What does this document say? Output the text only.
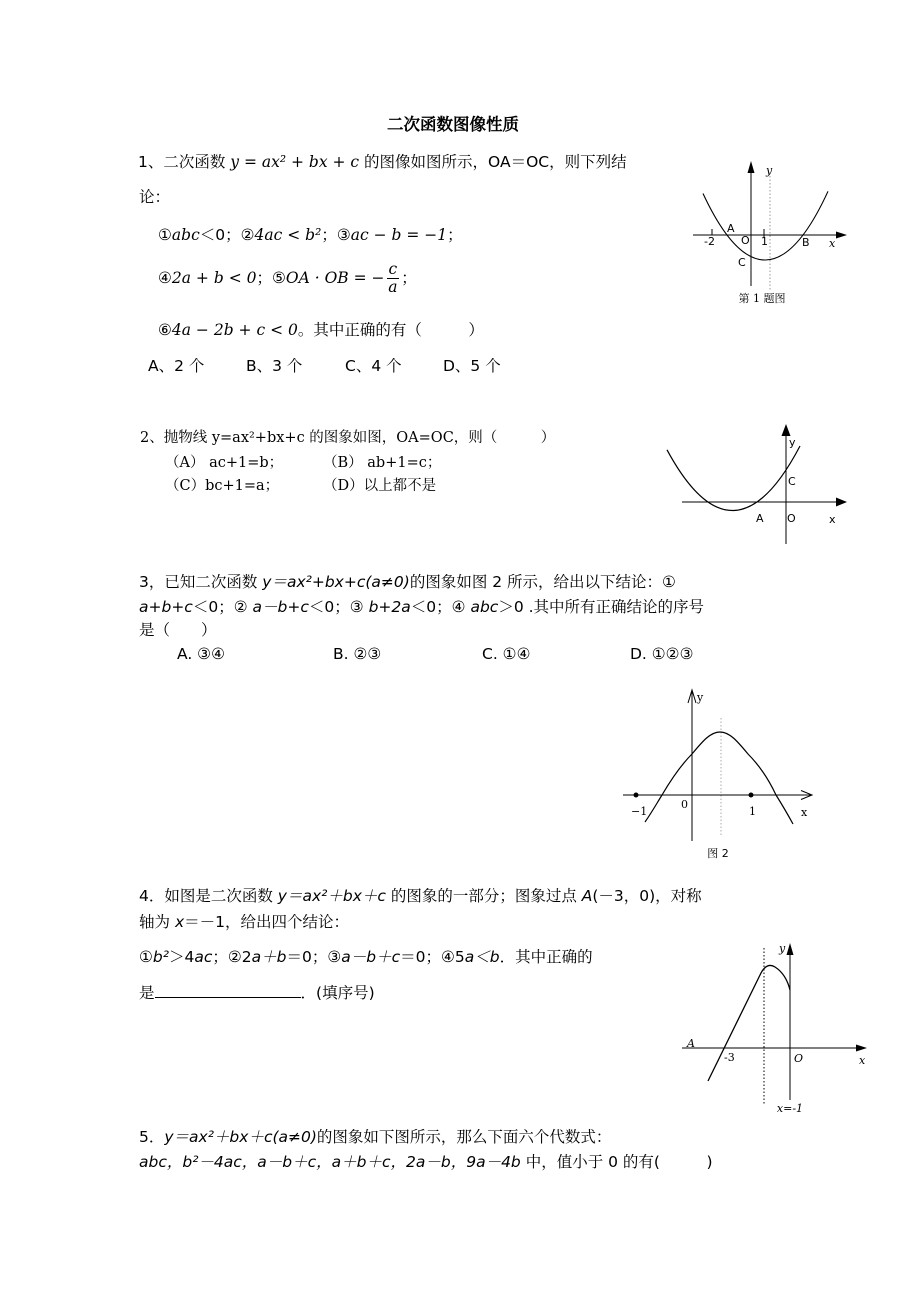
二次函数图像性质
1、二次函数 y = ax² + bx + c 的图像如图所示，OA＝OC，则下列结
论：
①abc＜0；②4ac < b²；③ac − b = −1；
④2a + b < 0；⑤OA · OB = − $\frac{c}{a}$ ；
⑥4a − 2b + c < 0。其中正确的有（　　　）
A、2 个	B、3 个	C、4 个	D、5 个
y
A
O
-2	1	B x
C
第 1 题图
2、抛物线 y=ax²+bx+c 的图象如图，OA=OC，则（　　　）
（A） ac+1=b；	（B） ab+1=c；
（C）bc+1=a；	（D）以上都不是
y
C
A O	x
3，已知二次函数 y＝ax²+bx+c(a≠0)的图象如图 2 所示，给出以下结论：①
a+b+c＜0；② a－b+c＜0；③ b+2a＜0；④ abc＞0 .其中所有正确结论的序号
是（　　）
A. ③④	B. ②③	C. ①④	D. ①②③
y
−1
0
1	x
图 2
4．如图是二次函数 y＝ax²＋bx＋c 的图象的一部分；图象过点 A(－3，0)，对称
轴为 x＝－1，给出四个结论：
①b²＞4ac；②2a＋b＝0；③a－b＋c＝0；④5a＜b．其中正确的
是	．(填序号)
y
A
-3	O	x
x=-1
5．y＝ax²＋bx＋c(a≠0)的图象如下图所示，那么下面六个代数式：
abc，b²－4ac，a－b＋c，a＋b＋c，2a－b，9a－4b 中，值小于 0 的有(　　　)
